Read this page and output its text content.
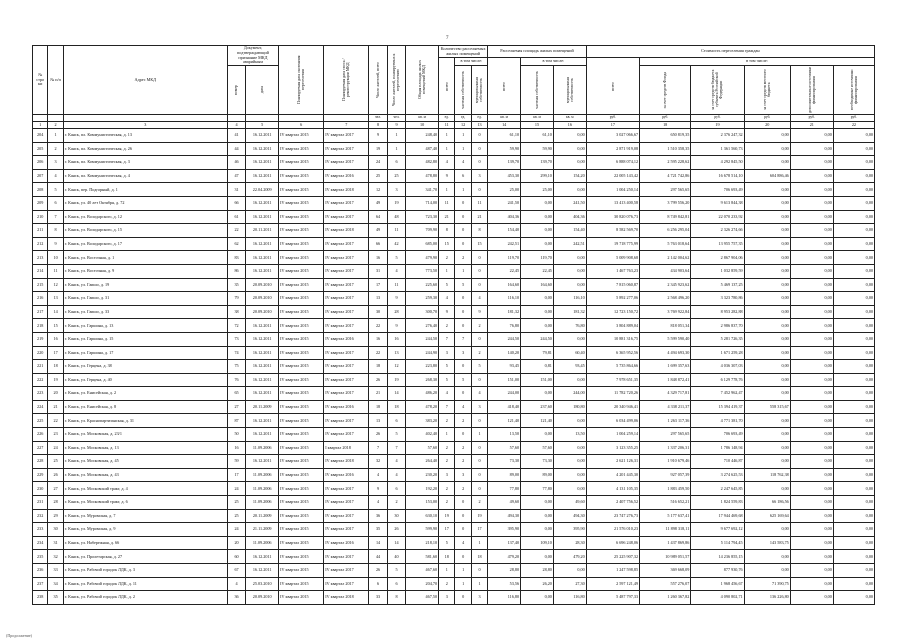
7
№ стро ки	№ п/п	Адрес МКД	Документ, подтверждающий признание МКД аварийным		Планируемая дата окончания переселения	Планируемая дата сноса / реконструкции МКД	Число жителей, всего	Число жителей, планируемых к переселению	Общая площадь жилых помещений МКД	Количество расселяемых жилых помещений			Расселяемая площадь жилых помещений			Стоимость переселения граждан					

										всего	в том числе:		всего	в том числе:		всего	в том числе:				

			номер	дата							частная собственность	муниципальная собственность		частная собственность	муниципальная собственность		за счет средств Фонда	за счет средств бюджета субъекта Российской Федерации	за счет средств местного бюджета	дополнительные источники финансирования	необходимые источники финансирования

							чел.	чел.	кв. м	ед.	ед.	ед.	кв. м	кв. м	кв. м	руб.	руб.	руб.	руб.	руб.	руб.
1	2	3	4	5	6	7	8	9	10	11	12	13	14	15	16	17	18	19	20	21	22
204	1	г. Канск, пл. Коммунистическая, д. 13	41	16.12.2011	IV квартал 2015	IV квартал 2017	9	1	248,40	1	1	0	61,10	61,10	0,00	3 027 066,67	650 819,35	2 376 247,32	0,00	0,00	0,00
205	2	г. Канск, пл. Коммунистическая, д. 26	44	16.12.2011	IV квартал 2015	IV квартал 2017	19	1	487,40	1	1	0	59,90	59,90	0,00	2 871 919,08	1 510 358,35	1 361 560,73	0,00	0,00	0,00
206	3	г. Канск, пл. Коммунистическая, д. 3	46	16.12.2011	IV квартал 2015	IV квартал 2017	24	6	482,80	4	4	0	139,70	139,70	0,00	6 888 074,12	2 595 228,62	4 292 845,50	0,00	0,00	0,00
207	4	г. Канск, пл. Коммунистическая, д. 4	47	16.12.2011	IV квартал 2015	IV квартал 2016	25	25	478,80	9	6	3	453,30	299,10	154,20	22 005 143,42	4 721 742,86	16 678 514,10	604 886,46	0,00	0,00
208	5	г. Канск, пер. Подгорный, д. 1	31	22.04.2009	IV квартал 2015	IV квартал 2018	12	3	341,70	1	1	0	25,00	25,00	0,00	1 004 250,14	297 565,65	706 693,49	0,00	0,00	0,00
209	6	г. Канск, ул. 40 лет Октября, д. 72	66	16.12.2011	IV квартал 2015	IV квартал 2017	49	19	714,00	11	0	11	241,50	0,00	241,50	13 413 400,58	3 799 556,20	9 613 844,38	0,00	0,00	0,00
210	7	г. Канск, ул. Володарского, д. 12	61	16.12.2011	IV квартал 2015	IV квартал 2017	64	48	723,30	21	0	21	404,36	0,00	404,36	30 820 076,73	8 749 842,81	22 070 233,92	0,00	0,00	0,00
211	8	г. Канск, ул. Володарского, д. 15	22	20.11.2011	IV квартал 2015	IV квартал 2018	49	11	709,90	8	0	8	154,40	0,00	154,40	8 582 569,70	6 256 295,04	2 326 274,66	0,00	0,00	0,00
212	9	г. Канск, ул. Володарского, д. 17	62	16.12.2011	IV квартал 2015	IV квартал 2017	66	42	685,00	15	0	15	242,51	0,00	242,51	19 718 775,99	5 763 018,64	13 955 757,35	0,00	0,00	0,00
213	10	г. Канск, ул. Восточная, д. 1	83	16.12.2011	IV квартал 2015	IV квартал 2017	16	5	479,90	2	2	0	119,70	119,70	0,00	5 009 908,68	2 142 004,62	2 867 904,06	0,00	0,00	0,00
214	11	г. Канск, ул. Восточная, д. 9	86	16.12.2011	IV квартал 2015	IV квартал 2017	31	4	773,50	1	1	0	22,45	22,45	0,00	1 467 763,23	434 903,64	1 032 859,59	0,00	0,00	0,00
215	12	г. Канск, ул. Гаишо, д. 19	35	20.09.2010	IV квартал 2015	IV квартал 2017	17	11	225,60	5	5	0	164,60	164,60	0,00	7 815 060,87	2 345 923,62	5 469 137,25	0,00	0,00	0,00
216	13	г. Канск, ул. Гаишо, д. 31	79	20.09.2010	IV квартал 2015	IV квартал 2017	13	9	259,30	4	0	4	116,10	0,00	116,10	5 892 277,06	2 568 496,20	3 323 780,86	0,00	0,00	0,00
217	14	г. Канск, ул. Гаишо, д. 33	38	20.09.2010	IV квартал 2015	IV квартал 2017	30	28	300,70	9	0	9	181,32	0,00	181,32	12 723 150,72	3 769 922,84	8 953 282,88	0,00	0,00	0,00
218	15	г. Канск, ул. Гаршина, д. 13	72	16.12.2011	IV квартал 2015	IV квартал 2017	22	9	276,40	2	0	2	76,80	0,00	76,80	3 804 889,04	818 051,34	2 986 837,70	0,00	0,00	0,00
219	16	г. Канск, ул. Гаршина, д. 15	73	16.12.2011	IV квартал 2015	IV квартал 2016	16	16	244,50	7	7	0	244,50	244,50	0,00	10 881 316,75	5 599 590,40	5 281 726,35	0,00	0,00	0,00
220	17	г. Канск, ул. Гаршина, д. 17	74	16.12.2011	IV квартал 2015	IV квартал 2017	22	13	244,90	3	3	2	140,20	79,81	60,40	6 365 952,56	4 494 693,30	1 671 259,28	0,00	0,00	0,00
221	18	г. Канск, ул. Герцена, д. 38	75	16.12.2011	IV квартал 2015	IV квартал 2017	18	12	223,80	5	0	5	93,45	0,81	93,45	5 735 864,66	1 699 357,63	4 036 307,03	0,00	0,00	0,00
222	19	г. Канск, ул. Герцена, д. 40	76	16.12.2011	IV квартал 2015	IV квартал 2017	26	19	268,30	5	5	0	151,00	151,00	0,00	7 978 651,35	1 848 872,41	6 129 778,76	0,00	0,00	0,00
223	20	г. Канск, ул. Енисейская, д. 2	65	16.12.2011	IV квартал 2015	IV квартал 2017	21	14	486,20	4	0	4	244,00	0,00	244,00	11 782 720,26	4 329 717,81	7 452 962,47	0,00	0,00	0,00
224	21	г. Канск, ул. Енисейская, д. 8	27	20.11.2009	IV квартал 2015	IV квартал 2016	18	18	478,20	7	4	3	418,40	237,60	180,80	20 340 946,41	4 338 211,37	15 394 419,37	558 315,67	0,00	0,00
225	22	г. Канск, ул. Краснопартизанская, д. 31	87	16.12.2011	IV квартал 2015	IV квартал 2017	13	6	383,20	2	2	0	121,40	121,40	0,00	6 034 499,06	1 263 117,36	4 771 381,70	0,00	0,00	0,00
226	23	г. Канск, ул. Московская, д. 23/1	50	16.12.2011	IV квартал 2015	IV квартал 2017	26	5	402,40	1	0	1	13,50	0,00	13,50	1 004 259,14	297 565,65	706 693,49	0,00	0,00	0,00
227	24	г. Канск, ул. Московская, д. 13	16	11.09.2006	IV квартал 2015	I квартал 2018	7	7	57,60	2	2	0	57,60	57,60	0,00	3 123 355,25	1 337 206,31	1 786 148,94	0,00	0,00	0,00
228	25	г. Канск, ул. Московская, д. 45	59	16.12.2011	IV квартал 2015	IV квартал 2018	32	4	264,40	2	2	0	73,30	73,30	0,00	2 621 126,31	1 910 679,46	710 446,87	0,00	0,00	0,00
229	26	г. Канск, ул. Московская, д. 43	17	11.09.2006	IV квартал 2015	IV квартал 2016	4	4	230,20	3	3	0	89,00	89,00	0,00	4 201 445,30	927 057,39	3 274 625,53	118 762,38	0,00	0,00
230	27	г. Канск, ул. Московский тракт, д. 4	24	11.09.2006	IV квартал 2015	IV квартал 2017	9	6	192,20	2	2	0	77,80	77,80	0,00	4 131 105,35	1 883 459,50	2 247 645,85	0,00	0,00	0,00
231	28	г. Канск, ул. Московский тракт, д. 6	25	11.09.2006	IV квартал 2015	IV квартал 2017	4	2	153,00	2	0	2	49,60	0,00	49,60	2 407 756,52	516 652,21	1 824 559,83	66 186,56	0,00	0,00
232	29	г. Канск, ул. Муромская, д. 7	25	20.11.2009	IV квартал 2015	IV квартал 2017	36	30	630,10	19	0	19	494,30	0,00	494,30	23 747 276,73	5 177 637,41	17 944 469,68	625 169,64	0,00	0,00
233	30	г. Канск, ул. Муромская, д. 9	24	21.11.2009	IV квартал 2015	IV квартал 2017	35	26	599,90	17	0	17	395,90	0,00	395,90	21 576 010,23	11 898 318,11	9 677 692,12	0,00	0,00	0,00
234	31	г. Канск, ул. Набережная, д. 66	20	11.09.2006	IV квартал 2015	IV квартал 2016	14	14	218,10	5	4	1	137,40	109,10	28,30	6 696 248,06	1 437 869,86	5 114 794,45	143 583,75	0,00	0,00
235	32	г. Канск, ул. Пролетарская, д. 27	60	16.12.2011	IV квартал 2015	IV квартал 2017	44	40	581,60	18	0	18	479,20	0,00	479,20	25 225 907,32	10 989 051,57	14 236 855,15	0,00	0,00	0,00
236	33	г. Канск, ул. Рабочий городок ЛДК, д. 3	67	16.12.2011	IV квартал 2015	IV квартал 2017	26	5	467,60	1	1	0	28,80	28,80	0,00	1 247 598,85	369 668,09	877 930,76	0,00	0,00	0,00
237	34	г. Канск, ул. Рабочий городок ЛДК, д. 11	4	25.03.2010	IV квартал 2015	IV квартал 2017	6	6	204,70	2	1	1	53,56	26,20	27,30	2 597 121,49	557 276,07	1 968 456,67	71 390,75	0,00	0,00
238	35	г. Канск, ул. Рабочий городок ЛДК, д. 2	36	20.09.2010	IV квартал 2015	IV квартал 2018	33	8	467,50	3	0	3	116,80	0,00	116,80	5 487 797,33	1 260 367,82	4 090 802,71	136 226,80	0,00	0,00
(Продолжение)
